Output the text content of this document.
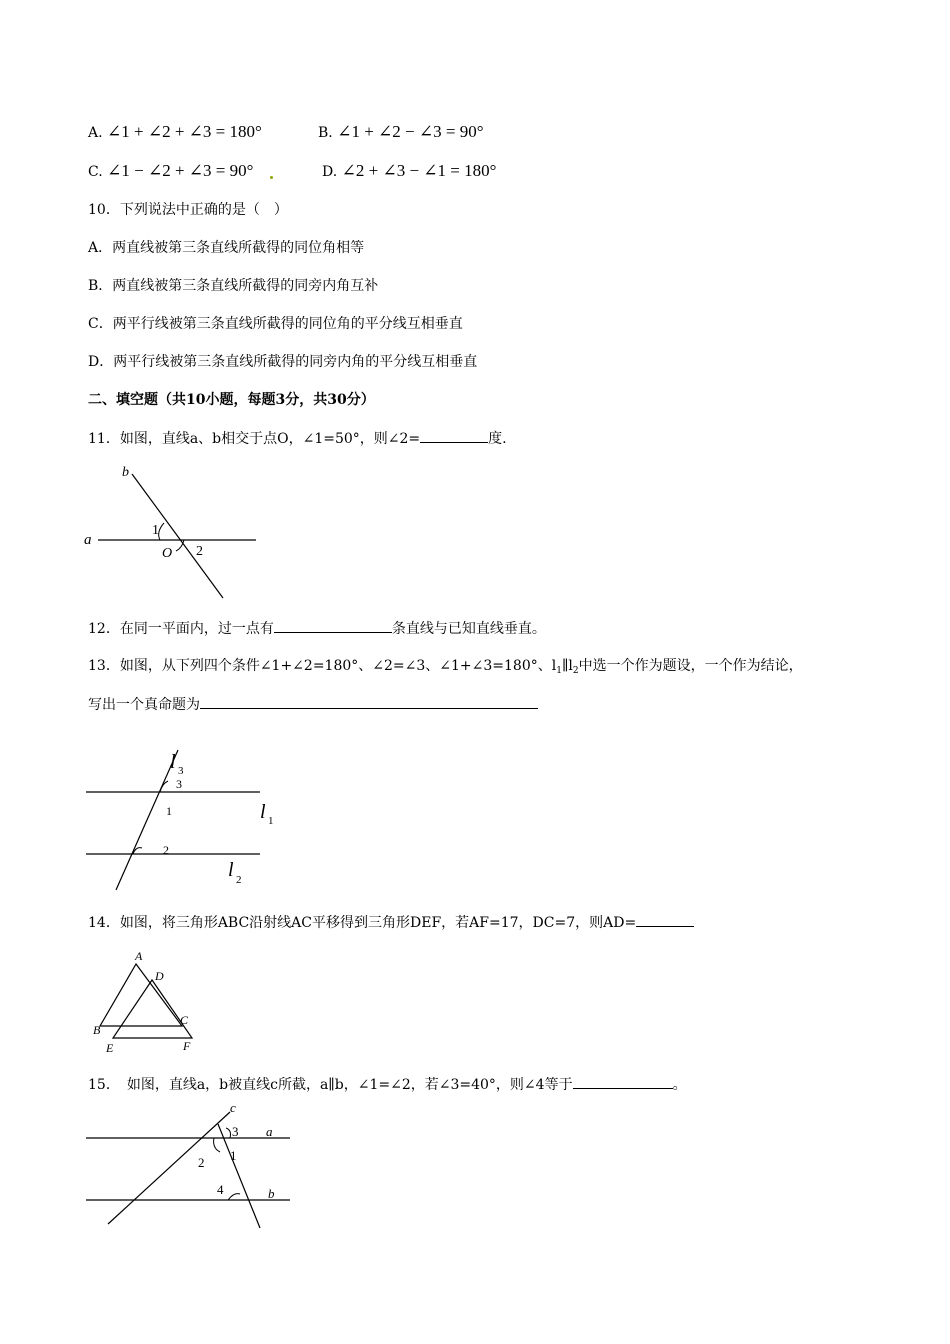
A. ∠1 + ∠2 + ∠3 = 180°	B. ∠1 + ∠2 − ∠3 = 90°
C. ∠1 − ∠2 + ∠3 = 90°	D. ∠2 + ∠3 − ∠1 = 180°
10．下列说法中正确的是（　）
A．两直线被第三条直线所截得的同位角相等
B．两直线被第三条直线所截得的同旁内角互补
C．两平行线被第三条直线所截得的同位角的平分线互相垂直
D．两平行线被第三条直线所截得的同旁内角的平分线互相垂直
二、填空题（共10小题，每题3分，共30分）
11．如图，直线a、b相交于点O，∠1=50°，则∠2=	度.
b
a
1
O 2
12．在同一平面内，过一点有	条直线与已知直线垂直。
13．如图，从下列四个条件∠1+∠2=180°、∠2=∠3、∠1+∠3=180°、$l_1\parallel l_2$中选一个作为题设，一个作为结论，
写出一个真命题为
l 3
3
1
2
l 1
l 2
14．如图，将三角形ABC沿射线AC平移得到三角形DEF，若AF=17，DC=7，则AD=
A
D
B
C
E	F
15．　如图，直线a，b被直线c所截，a∥b，∠1=∠2，若∠3=40°，则∠4等于	。
c
3 a
2 1
4	b
